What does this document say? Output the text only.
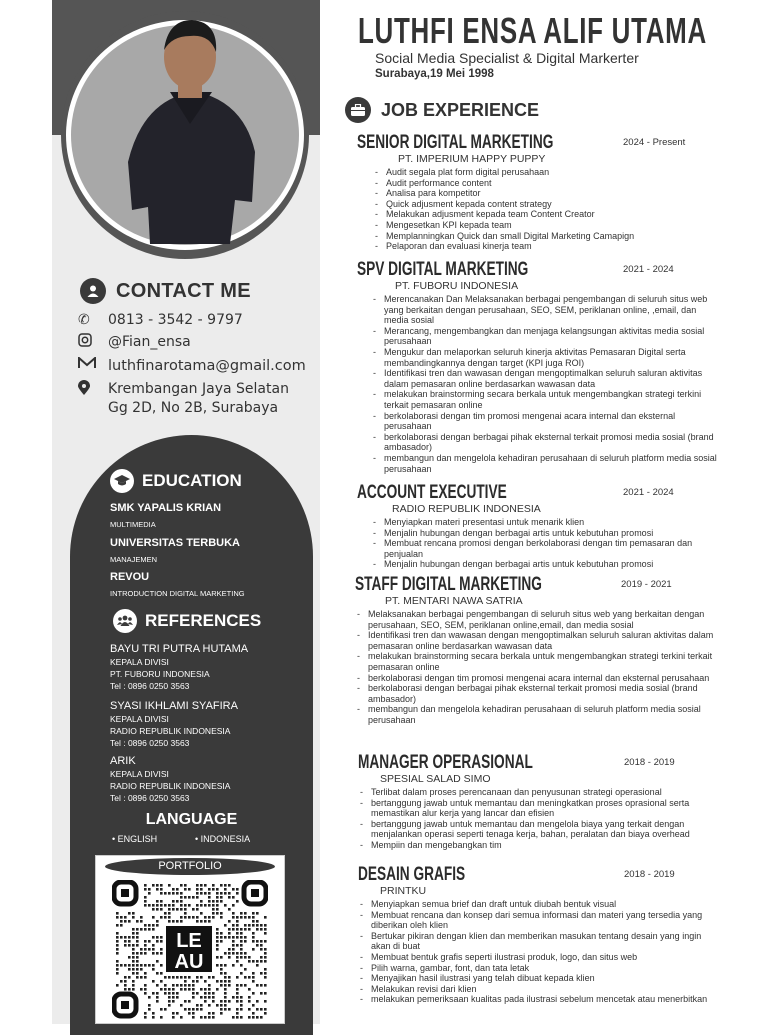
CONTACT ME
✆	0813 - 3542 - 9797
@Fian_ensa
luthfinarotama@gmail.com
Krembangan Jaya Selatan
Gg 2D, No 2B, Surabaya
EDUCATION
SMK YAPALIS KRIAN
MULTIMEDIA
UNIVERSITAS TERBUKA
MANAJEMEN
REVOU
INTRODUCTION DIGITAL MARKETING
REFERENCES
BAYU TRI PUTRA HUTAMA
KEPALA DIVISI
PT. FUBORU INDONESIA
Tel : 0896 0250 3563
SYASI IKHLAMI SYAFIRA
KEPALA DIVISI
RADIO REPUBLIK INDONESIA
Tel : 0896 0250 3563
ARIK
KEPALA DIVISI
RADIO REPUBLIK INDONESIA
Tel : 0896 0250 3563
LANGUAGE
• ENGLISH	• INDONESIA
PORTFOLIO
LE
AU
LUTHFI ENSA ALIF UTAMA
Social Media Specialist & Digital Markerter
Surabaya,19 Mei 1998
JOB EXPERIENCE
SENIOR DIGITAL MARKETING	2024 - Present
PT. IMPERIUM HAPPY PUPPY
- Audit segala plat form digital perusahaan
- Audit performance content
- Analisa para kompetitor
- Quick adjusment kepada content strategy
- Melakukan adjusment kepada team Content Creator
- Mengesetkan KPI kepada team
- Memplanningkan Quick dan small Digital Marketing Camapign
- Pelaporan dan evaluasi kinerja team
SPV DIGITAL MARKETING	2021 - 2024
PT. FUBORU INDONESIA
- Merencanakan Dan Melaksanakan berbagai pengembangan di seluruh situs web yang berkaitan dengan perusahaan, SEO, SEM, periklanan online, ,email, dan media sosial
- Merancang, mengembangkan dan menjaga kelangsungan aktivitas media sosial perusahaan
- Mengukur dan melaporkan seluruh kinerja aktivitas Pemasaran Digital serta membandingkannya dengan target (KPI juga ROI)
- Identifikasi tren dan wawasan dengan mengoptimalkan seluruh saluran aktivitas dalam pemasaran online berdasarkan wawasan data
- melakukan brainstorming secara berkala untuk mengembangkan strategi terkini terkait pemasaran online
- berkolaborasi dengan tim promosi mengenai acara internal dan eksternal perusahaan
- berkolaborasi dengan berbagai pihak eksternal terkait promosi media sosial (brand ambasador)
- membangun dan mengelola kehadiran perusahaan di seluruh platform media sosial perusahaan
ACCOUNT EXECUTIVE	2021 - 2024
RADIO REPUBLIK INDONESIA
- Menyiapkan materi presentasi untuk menarik klien
- Menjalin hubungan dengan berbagai artis untuk kebutuhan promosi
- Membuat rencana promosi dengan berkolaborasi dengan tim pemasaran dan penjualan
- Menjalin hubungan dengan berbagai artis untuk kebutuhan promosi
STAFF DIGITAL MARKETING	2019 - 2021
PT. MENTARI NAWA SATRIA
- Melaksanakan berbagai pengembangan di seluruh situs web yang berkaitan dengan perusahaan, SEO, SEM, periklanan online,email, dan media sosial
- Identifikasi tren dan wawasan dengan mengoptimalkan seluruh saluran aktivitas dalam pemasaran online berdasarkan wawasan data
- melakukan brainstorming secara berkala untuk mengembangkan strategi terkini terkait pemasaran online
- berkolaborasi dengan tim promosi mengenai acara internal dan eksternal perusahaan
- berkolaborasi dengan berbagai pihak eksternal terkait promosi media sosial (brand ambasador)
- membangun dan mengelola kehadiran perusahaan di seluruh platform media sosial perusahaan
MANAGER OPERASIONAL	2018 - 2019
SPESIAL SALAD SIMO
- Terlibat dalam proses perencanaan dan penyusunan strategi operasional
- bertanggung jawab untuk memantau dan meningkatkan proses oprasional serta memastikan alur kerja yang lancar dan efisien
- bertanggung jawab untuk memantau dan mengelola biaya yang terkait dengan menjalankan operasi seperti tenaga kerja, bahan, peralatan dan biaya overhead
- Mempiin dan mengebangkan tim
DESAIN GRAFIS	2018 - 2019
PRINTKU
- Menyiapkan semua brief dan draft untuk diubah bentuk visual
- Membuat rencana dan konsep dari semua informasi dan materi yang tersedia yang diberikan oleh klien
- Bertukar pikiran dengan klien dan memberikan masukan tentang desain yang ingin akan di buat
- Membuat bentuk grafis seperti ilustrasi produk, logo, dan situs web
- Pilih warna, gambar, font, dan tata letak
- Menyajikan hasil ilustrasi yang telah dibuat kepada klien
- Melakukan revisi dari klien
- melakukan pemeriksaan kualitas pada ilustrasi sebelum mencetak atau menerbitkan
